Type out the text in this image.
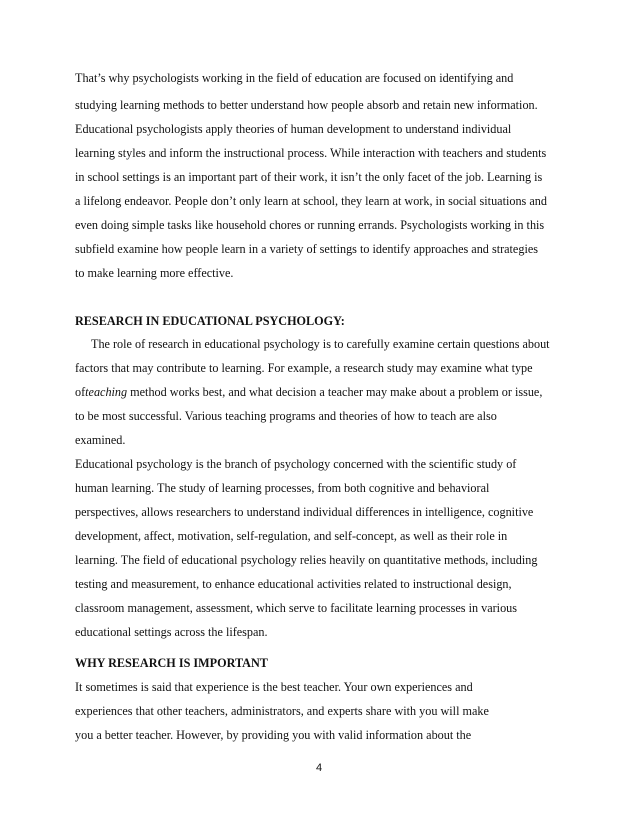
That’s why psychologists working in the field of education are focused on identifying and
studying learning methods to better understand how people absorb and retain new information.
Educational psychologists apply theories of human development to understand individual
learning styles and inform the instructional process. While interaction with teachers and students
in school settings is an important part of their work, it isn’t the only facet of the job. Learning is
a lifelong endeavor. People don’t only learn at school, they learn at work, in social situations and
even doing simple tasks like household chores or running errands. Psychologists working in this
subfield examine how people learn in a variety of settings to identify approaches and strategies
to make learning more effective.
RESEARCH IN EDUCATIONAL PSYCHOLOGY:
The role of research in educational psychology is to carefully examine certain questions about
factors that may contribute to learning. For example, a research study may examine what type
ofteaching method works best, and what decision a teacher may make about a problem or issue,
to be most successful. Various teaching programs and theories of how to teach are also
examined.
Educational psychology is the branch of psychology concerned with the scientific study of
human learning. The study of learning processes, from both cognitive and behavioral
perspectives, allows researchers to understand individual differences in intelligence, cognitive
development, affect, motivation, self-regulation, and self-concept, as well as their role in
learning. The field of educational psychology relies heavily on quantitative methods, including
testing and measurement, to enhance educational activities related to instructional design,
classroom management, assessment, which serve to facilitate learning processes in various
educational settings across the lifespan.
WHY RESEARCH IS IMPORTANT
It sometimes is said that experience is the best teacher. Your own experiences and
experiences that other teachers, administrators, and experts share with you will make
you a better teacher. However, by providing you with valid information about the
4
